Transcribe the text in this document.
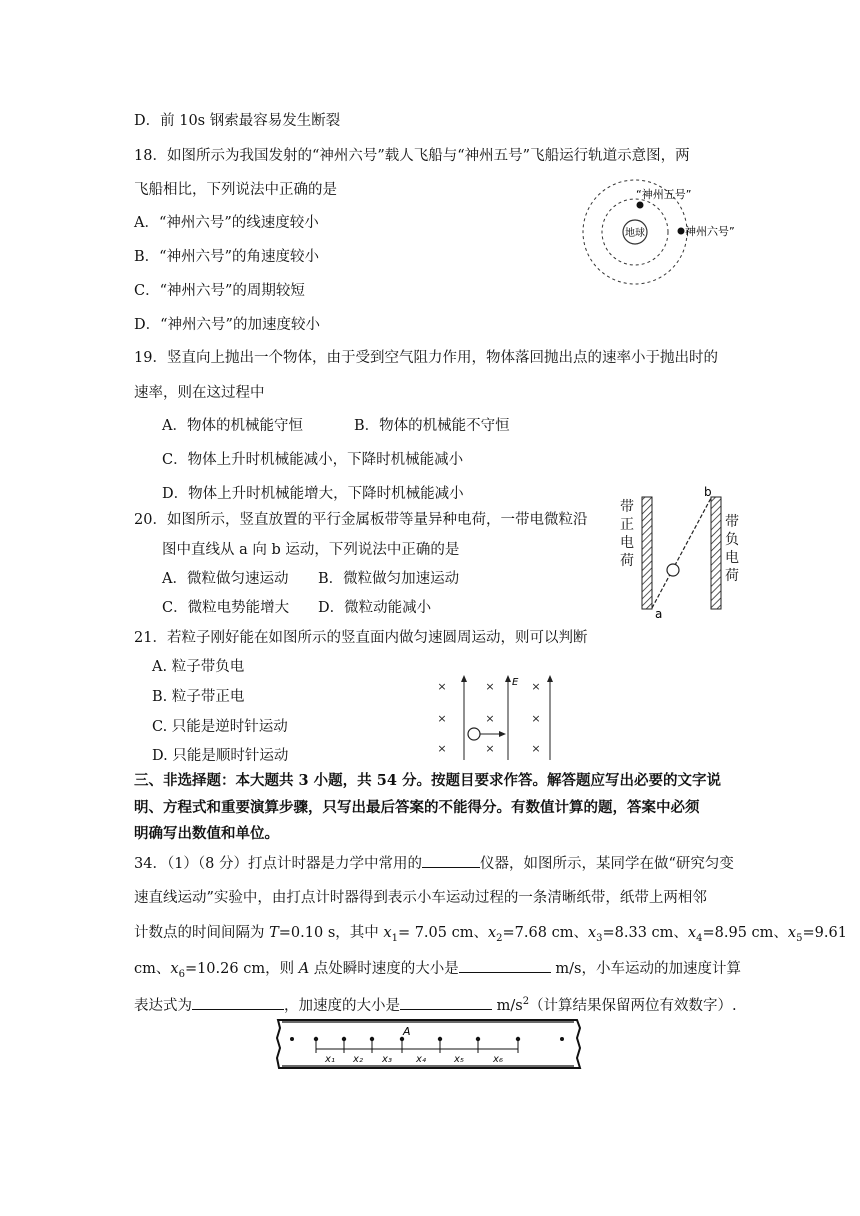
D．前 10s 钢索最容易发生断裂
18．如图所示为我国发射的“神州六号”载人飞船与“神州五号”飞船运行轨道示意图，两
飞船相比，下列说法中正确的是
A．“神州六号”的线速度较小
B．“神州六号”的角速度较小
C．“神州六号”的周期较短
D．“神州六号”的加速度较小
地球
“神州五号”
神州六号”
19．竖直向上抛出一个物体，由于受到空气阻力作用，物体落回抛出点的速率小于抛出时的
速率，则在这过程中
A．物体的机械能守恒	B．物体的机械能不守恒
C．物体上升时机械能减小，下降时机械能减小
D．物体上升时机械能增大，下降时机械能减小
20．如图所示，竖直放置的平行金属板带等量异种电荷，一带电微粒沿
图中直线从 a 向 b 运动，下列说法中正确的是
A．微粒做匀速运动 B．微粒做匀加速运动
C．微粒电势能增大 D．微粒动能减小
带
正
电
荷
带
负
电
荷
a
b
21．若粒子刚好能在如图所示的竖直面内做匀速圆周运动，则可以判断
A. 粒子带负电
B. 粒子带正电
C. 只能是逆时针运动
D. 只能是顺时针运动
×	×	×
×	×	×
×	×	×
E
三、非选择题：本大题共 3 小题，共 54 分。按题目要求作答。解答题应写出必要的文字说
明、方程式和重要演算步骤，只写出最后答案的不能得分。有数值计算的题，答案中必须
明确写出数值和单位。
34．（1）（8 分）打点计时器是力学中常用的	仪器，如图所示，某同学在做“研究匀变
速直线运动”实验中，由打点计时器得到表示小车运动过程的一条清晰纸带，纸带上两相邻
计数点的时间间隔为 T=0.10 s，其中 $x_1= 7.05$ cm、$x_2=7.68$ cm、$x_3=8.33$ cm、$x_4=8.95$ cm、$x_5=9.61$
cm、$x_6=10.26$ cm，则 A 点处瞬时速度的大小是	m/s，小车运动的加速度计算
表达式为	，加速度的大小是	$m/s^2$（计算结果保留两位有效数字）.
A
x₁ x₂ x₃ x₄	x₅	x₆
